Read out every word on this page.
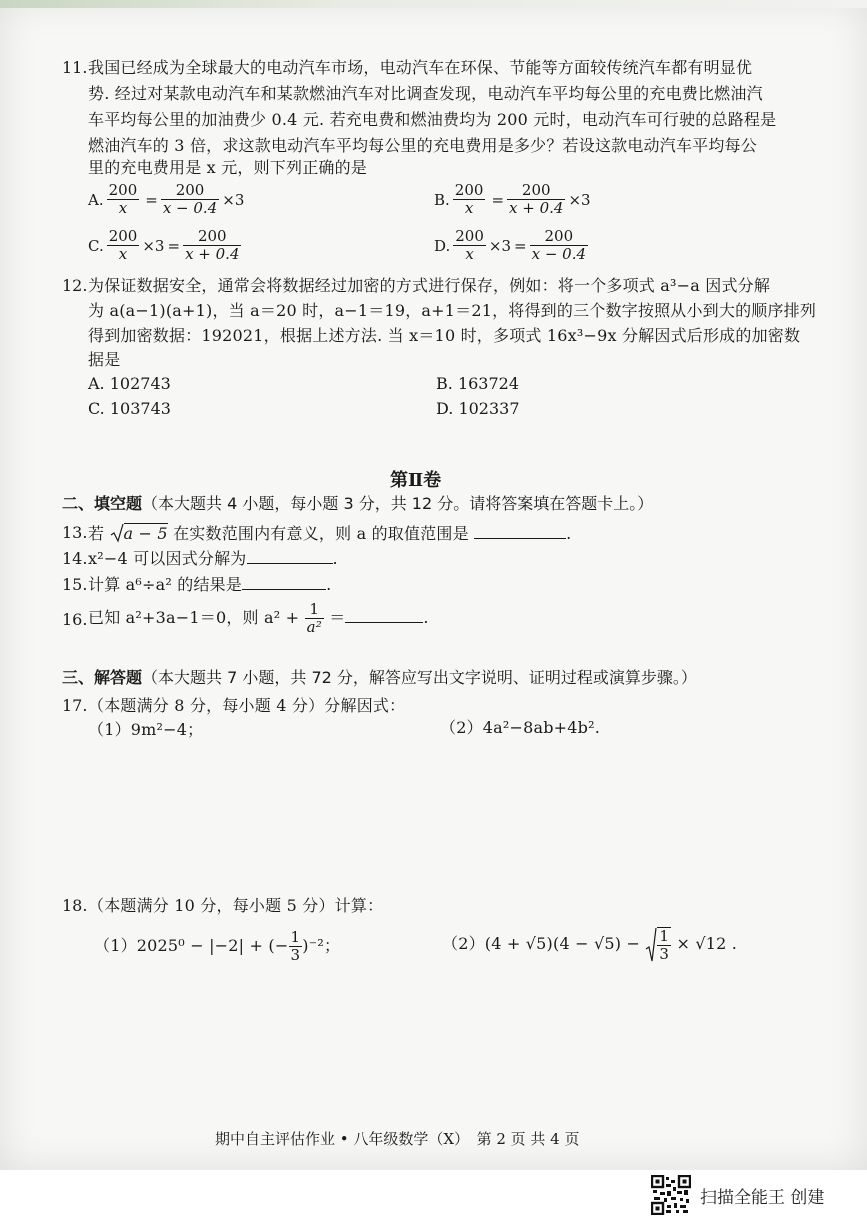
11. 我国已经成为全球最大的电动汽车市场，电动汽车在环保、节能等方面较传统汽车都有明显优
势. 经过对某款电动汽车和某款燃油汽车对比调查发现，电动汽车平均每公里的充电费比燃油汽
车平均每公里的加油费少 0.4 元. 若充电费和燃油费均为 200 元时，电动汽车可行驶的总路程是
燃油汽车的 3 倍，求这款电动汽车平均每公里的充电费用是多少？若设这款电动汽车平均每公
里的充电费用是 x 元，则下列正确的是
A. $\frac{200}{x} = \frac{200}{x - 0.4} \times 3$	B. $\frac{200}{x} = \frac{200}{x + 0.4} \times 3$
C. $\frac{200}{x} \times 3 = \frac{200}{x + 0.4}$	D. $\frac{200}{x} \times 3 = \frac{200}{x - 0.4}$
12. 为保证数据安全，通常会将数据经过加密的方式进行保存，例如：将一个多项式 a³−a 因式分解
为 a(a−1)(a+1)，当 a＝20 时，a−1＝19，a+1＝21，将得到的三个数字按照从小到大的顺序排列
得到加密数据：192021，根据上述方法. 当 x＝10 时，多项式 16x³−9x 分解因式后形成的加密数
据是
A. 102743	B. 163724
C. 103743	D. 102337
第Ⅱ卷
二、填空题（本大题共 4 小题，每小题 3 分，共 12 分。请将答案填在答题卡上。）
13. 若 a − 5 在实数范围内有意义，则 a 的取值范围是	.
14. x²−4 可以因式分解为	.
15. 计算 a⁶÷a² 的结果是	.
16. 已知 a²+3a−1＝0，则 $a^2 + \frac{1}{\text{a²}}$ ＝	.
三、解答题（本大题共 7 小题，共 72 分，解答应写出文字说明、证明过程或演算步骤。）
17. （本题满分 8 分，每小题 4 分）分解因式：
（1）9m²−4；	（2）4a²−8ab+4b².
18. （本题满分 10 分，每小题 5 分）计算：
（1）2025⁰ − |−2| + (− $\frac{1}{3} )^{-2}$；	$(2)(4 + √5)(4 - √5) - \frac{1}{3} \times √12$ .
期中自主评估作业 • 八年级数学（X）　第 2 页 共 4 页
扫描全能王 创建
